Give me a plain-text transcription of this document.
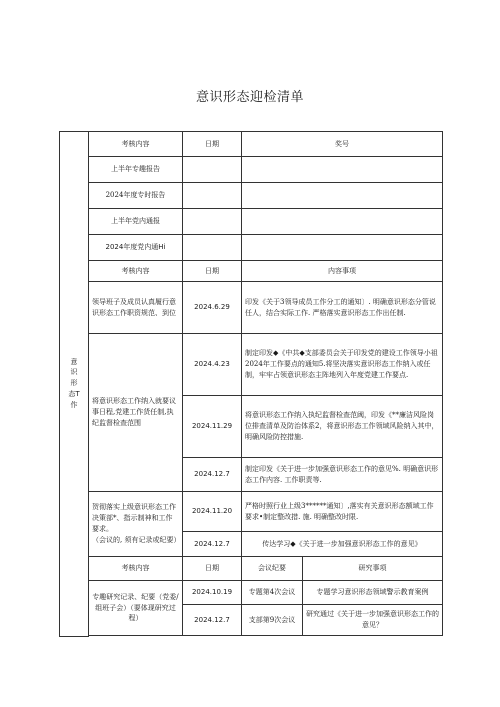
意识形态迎检清单
意
识
形
态T
作	考核内容	日期	奖号	
	上半年专趣报告			
	2024年度专时报告			
	上半年党内通报			
	2024年度党内通Hi			
	考核内容	日期	内容事项	
	领导班子及成员认真履行意识形态工作职资规范、到位	2024.6.29	印发《关于3领导成员工作分工的通知〕. 明确意识形态分管说任人，结合实际工作. 严格落实意识形态工作出任制.	
	将意识形态工作纳入就要议事日程,党建工作货任制,执纪监督检查范围	2024.4.23	制定印发◆《中共◆支部委员会关于印发党的建设工作领导小祖2024年工作要点的通知5.将坚决落实意识形态工作纳入或任制，牢牢占领意识形态主阵地列入年度党建工作要点.	
		2024.11.29	将意识形态工作纳入执纪监督检查范阈，印发《**廉洁风险岗位排查清单及防治体系2，将意识形态工作领域风险纳入其中，明确风险防控措施.	
		2024.12.7	制定印发《关于进一步加强意识形态工作的意见%. 明确意识形态工作内容. 工作职责等.	

	贺彻落实上级意识形态工作决策部*、指示制神和工作要求。
（会议的, 须有记录或纪要）	2024.11.20	严格时照行业上级3******通知〕,落实有关意识形态额域工作要求•制定整改措. 施. 明确整改时限.	
		2024.12.7	传达学习◆《关于进一步加强意识形态工作的意见》	
	考核内容	日期	会议纪要	研究事项
	专趣研究记录、纪要（党委/组班子会）（要体现研究过程）	2024.10.19	专题第4次会议	专题学习意识形态领域警示教育案例
		2024.12.7	支部第9次会议	研究通过《关于进一步加强意识形态工作的意见？
